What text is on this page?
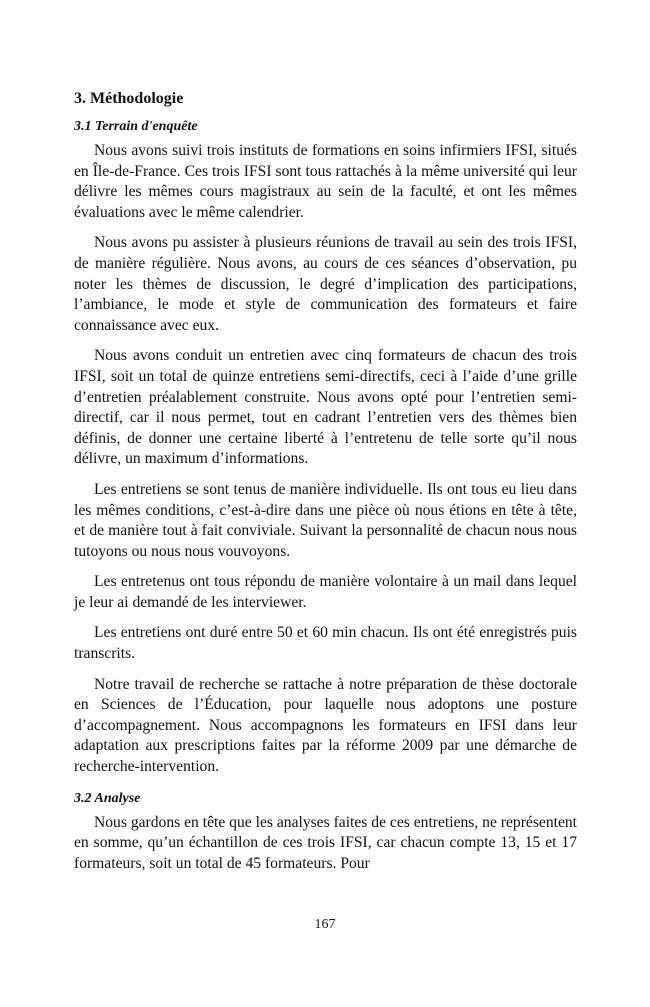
3. Méthodologie
3.1 Terrain d'enquête

Nous avons suivi trois instituts de formations en soins infirmiers IFSI, situés en Île-de-France. Ces trois IFSI sont tous rattachés à la même université qui leur délivre les mêmes cours magistraux au sein de la faculté, et ont les mêmes évaluations avec le même calendrier.

Nous avons pu assister à plusieurs réunions de travail au sein des trois IFSI, de manière régulière. Nous avons, au cours de ces séances d’observation, pu noter les thèmes de discussion, le degré d’implication des participations, l’ambiance, le mode et style de communication des formateurs et faire connaissance avec eux.

Nous avons conduit un entretien avec cinq formateurs de chacun des trois IFSI, soit un total de quinze entretiens semi-directifs, ceci à l’aide d’une grille d’entretien préalablement construite. Nous avons opté pour l’entretien semi-directif, car il nous permet, tout en cadrant l’entretien vers des thèmes bien définis, de donner une certaine liberté à l’entretenu de telle sorte qu’il nous délivre, un maximum d’informations.

Les entretiens se sont tenus de manière individuelle. Ils ont tous eu lieu dans les mêmes conditions, c’est-à-dire dans une pièce où nous étions en tête à tête, et de manière tout à fait conviviale. Suivant la personnalité de chacun nous nous tutoyons ou nous nous vouvoyons.

Les entretenus ont tous répondu de manière volontaire à un mail dans lequel je leur ai demandé de les interviewer.

Les entretiens ont duré entre 50 et 60 min chacun. Ils ont été enregistrés puis transcrits.

Notre travail de recherche se rattache à notre préparation de thèse doctorale en Sciences de l’Éducation, pour laquelle nous adoptons une posture d’accompagnement. Nous accompagnons les formateurs en IFSI dans leur adaptation aux prescriptions faites par la réforme 2009 par une démarche de recherche-intervention.

3.2 Analyse

Nous gardons en tête que les analyses faites de ces entretiens, ne représentent en somme, qu’un échantillon de ces trois IFSI, car chacun compte 13, 15 et 17 formateurs, soit un total de 45 formateurs. Pour

167
